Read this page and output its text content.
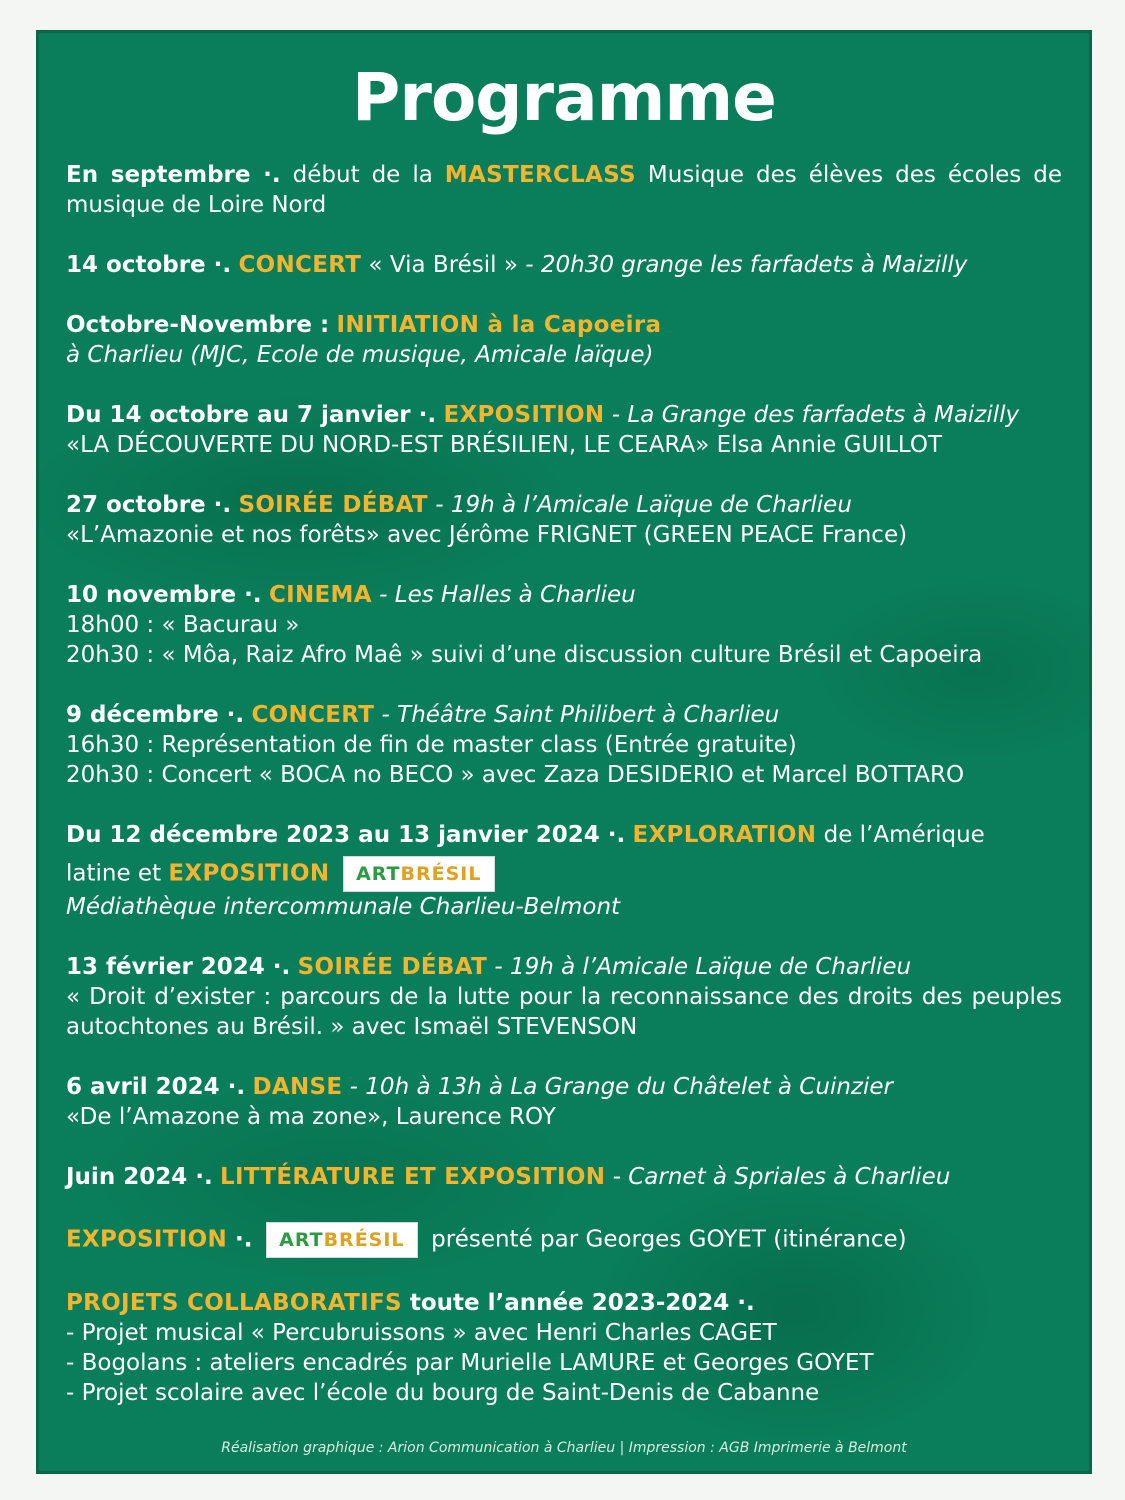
Programme
En septembre ·. début de la MASTERCLASS Musique des élèves des écoles de musique de Loire Nord
14 octobre ·. CONCERT « Via Brésil » - 20h30 grange les farfadets à Maizilly
Octobre-Novembre : INITIATION à la Capoeira
à Charlieu (MJC, Ecole de musique, Amicale laïque)
Du 14 octobre au 7 janvier ·. EXPOSITION - La Grange des farfadets à Maizilly
«LA DÉCOUVERTE DU NORD-EST BRÉSILIEN, LE CEARA» Elsa Annie GUILLOT
27 octobre ·. SOIRÉE DÉBAT - 19h à l’Amicale Laïque de Charlieu
«L’Amazonie et nos forêts» avec Jérôme FRIGNET (GREEN PEACE France)
10 novembre ·. CINEMA - Les Halles à Charlieu
18h00 : « Bacurau »
20h30 : « Môa, Raiz Afro Maê » suivi d’une discussion culture Brésil et Capoeira
9 décembre ·. CONCERT - Théâtre Saint Philibert à Charlieu
16h30 : Représentation de fin de master class (Entrée gratuite)
20h30 : Concert « BOCA no BECO » avec Zaza DESIDERIO et Marcel BOTTARO
Du 12 décembre 2023 au 13 janvier 2024 ·. EXPLORATION de l’Amérique
latine et EXPOSITION ARTBRÉSIL
Médiathèque intercommunale Charlieu-Belmont
13 février 2024 ·. SOIRÉE DÉBAT - 19h à l’Amicale Laïque de Charlieu
« Droit d’exister : parcours de la lutte pour la reconnaissance des droits des peuples autochtones au Brésil. » avec Ismaël STEVENSON
6 avril 2024 ·. DANSE - 10h à 13h à La Grange du Châtelet à Cuinzier
«De l’Amazone à ma zone», Laurence ROY
Juin 2024 ·. LITTÉRATURE ET EXPOSITION - Carnet à Spriales à Charlieu
EXPOSITION ·. ARTBRÉSIL présenté par Georges GOYET (itinérance)
PROJETS COLLABORATIFS toute l’année 2023-2024 ·.
- Projet musical « Percubruissons » avec Henri Charles CAGET
- Bogolans : ateliers encadrés par Murielle LAMURE et Georges GOYET
- Projet scolaire avec l’école du bourg de Saint-Denis de Cabanne
Réalisation graphique : Arion Communication à Charlieu | Impression : AGB Imprimerie à Belmont
